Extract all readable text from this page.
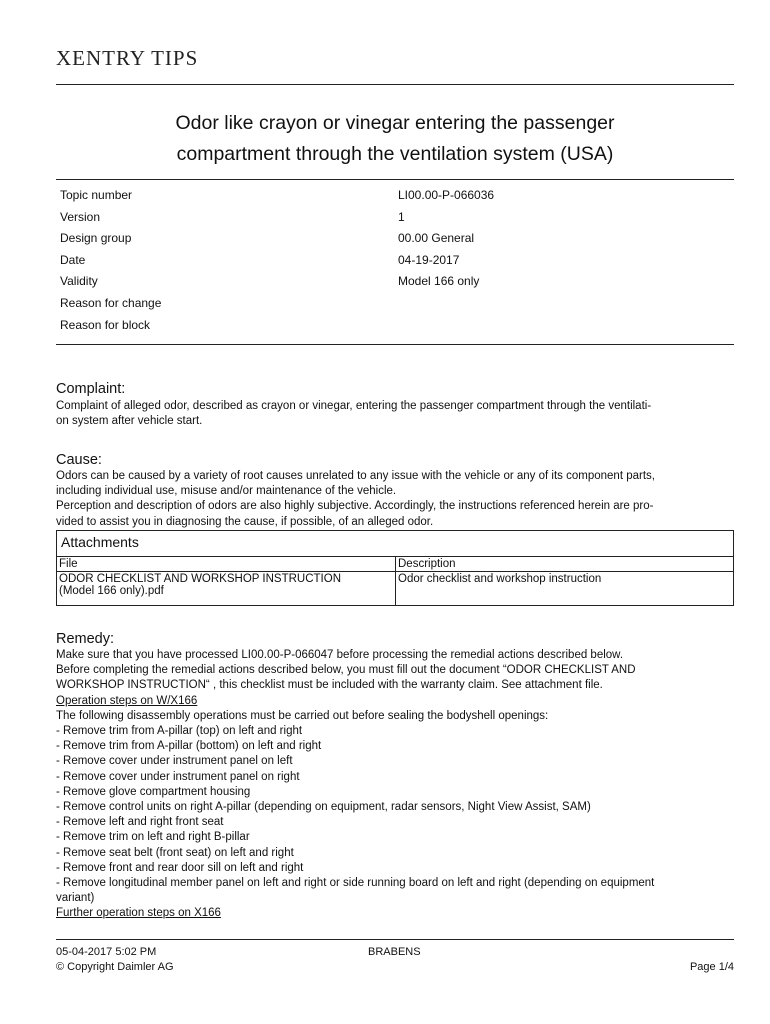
XENTRY TIPS
Odor like crayon or vinegar entering the passenger
compartment through the ventilation system (USA)
Topic number	LI00.00-P-066036
Version	1
Design group	00.00 General
Date	04-19-2017
Validity	Model 166 only
Reason for change
Reason for block
Complaint:
Complaint of alleged odor, described as crayon or vinegar, entering the passenger compartment through the ventilati-
on system after vehicle start.
Cause:
Odors can be caused by a variety of root causes unrelated to any issue with the vehicle or any of its component parts,
including individual use, misuse and/or maintenance of the vehicle.
Perception and description of odors are also highly subjective. Accordingly, the instructions referenced herein are pro-
vided to assist you in diagnosing the cause, if possible, of an alleged odor.
Attachments	
File	Description

ODOR CHECKLIST AND WORKSHOP INSTRUCTION
(Model 166 only).pdf	Odor checklist and workshop instruction
Remedy:
Make sure that you have processed LI00.00-P-066047 before processing the remedial actions described below.
Before completing the remedial actions described below, you must fill out the document “ODOR CHECKLIST AND
WORKSHOP INSTRUCTION“ , this checklist must be included with the warranty claim. See attachment file.
Operation steps on W/X166
The following disassembly operations must be carried out before sealing the bodyshell openings:
- Remove trim from A-pillar (top) on left and right
- Remove trim from A-pillar (bottom) on left and right
- Remove cover under instrument panel on left
- Remove cover under instrument panel on right
- Remove glove compartment housing
- Remove control units on right A-pillar (depending on equipment, radar sensors, Night View Assist, SAM)
- Remove left and right front seat
- Remove trim on left and right B-pillar
- Remove seat belt (front seat) on left and right
- Remove front and rear door sill on left and right
- Remove longitudinal member panel on left and right or side running board on left and right (depending on equipment
variant)
Further operation steps on X166
05-04-2017 5:02 PM	BRABENS
© Copyright Daimler AG	Page 1/4
